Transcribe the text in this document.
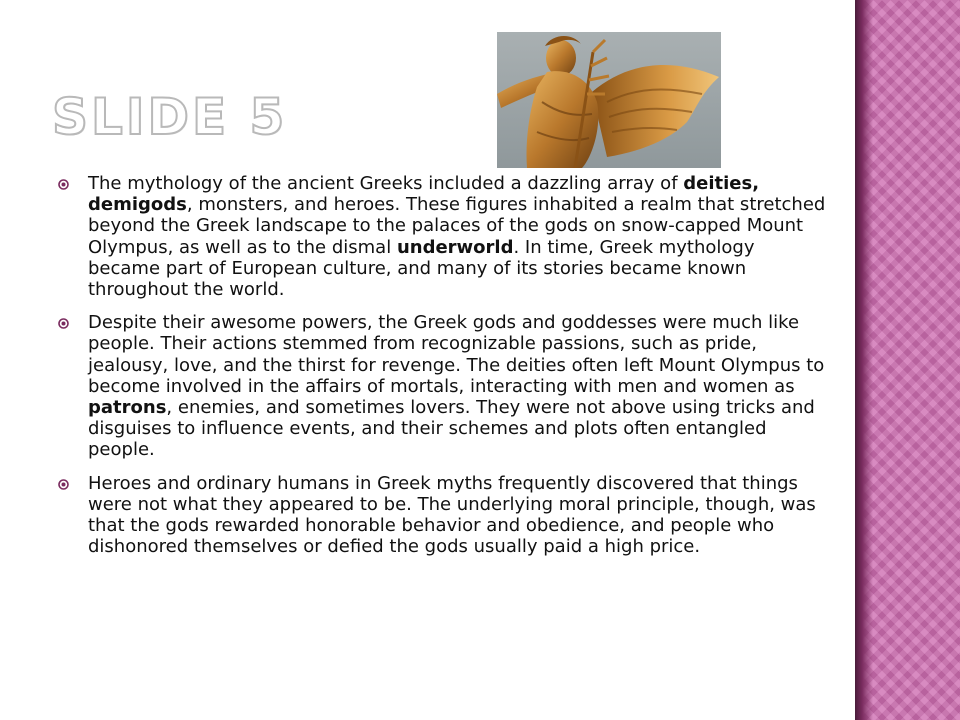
SLIDE 5
The mythology of the ancient Greeks included a dazzling array of deities, demigods, monsters, and heroes. These figures inhabited a realm that stretched beyond the Greek landscape to the palaces of the gods on snow-capped Mount Olympus, as well as to the dismal underworld. In time, Greek mythology became part of European culture, and many of its stories became known throughout the world.
Despite their awesome powers, the Greek gods and goddesses were much like people. Their actions stemmed from recognizable passions, such as pride, jealousy, love, and the thirst for revenge. The deities often left Mount Olympus to become involved in the affairs of mortals, interacting with men and women as patrons, enemies, and sometimes lovers. They were not above using tricks and disguises to influence events, and their schemes and plots often entangled people.
Heroes and ordinary humans in Greek myths frequently discovered that things were not what they appeared to be. The underlying moral principle, though, was that the gods rewarded honorable behavior and obedience, and people who dishonored themselves or defied the gods usually paid a high price.
